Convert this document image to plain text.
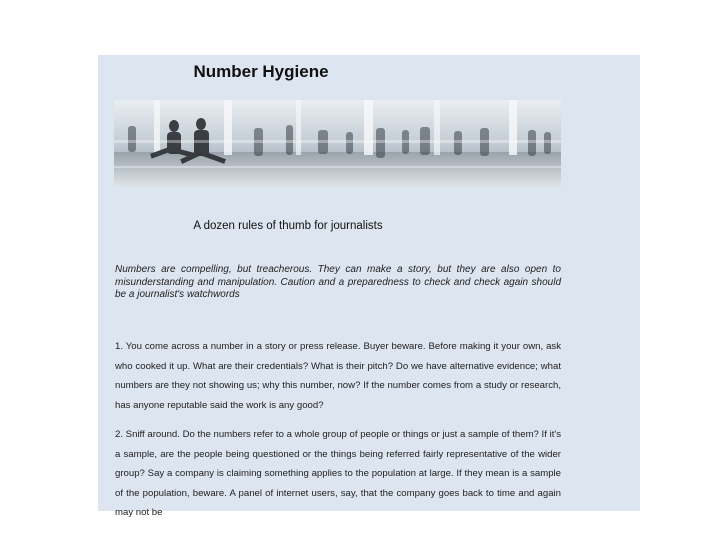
Number Hygiene
A dozen rules of thumb for journalists
Numbers are compelling, but treacherous. They can make a story, but they are also open to misunderstanding and manipulation. Caution and a preparedness to check and check again should be a journalist's watchwords
1. You come across a number in a story or press release. Buyer beware. Before making it your own, ask who cooked it up. What are their credentials? What is their pitch? Do we have alternative evidence; what numbers are they not showing us; why this number, now? If the number comes from a study or research, has anyone reputable said the work is any good?
2. Sniff around. Do the numbers refer to a whole group of people or things or just a sample of them? If it's a sample, are the people being questioned or the things being referred fairly representative of the wider group? Say a company is claiming something applies to the population at large. If they mean is a sample of the population, beware. A panel of internet users, say, that the company goes back to time and again may not be
